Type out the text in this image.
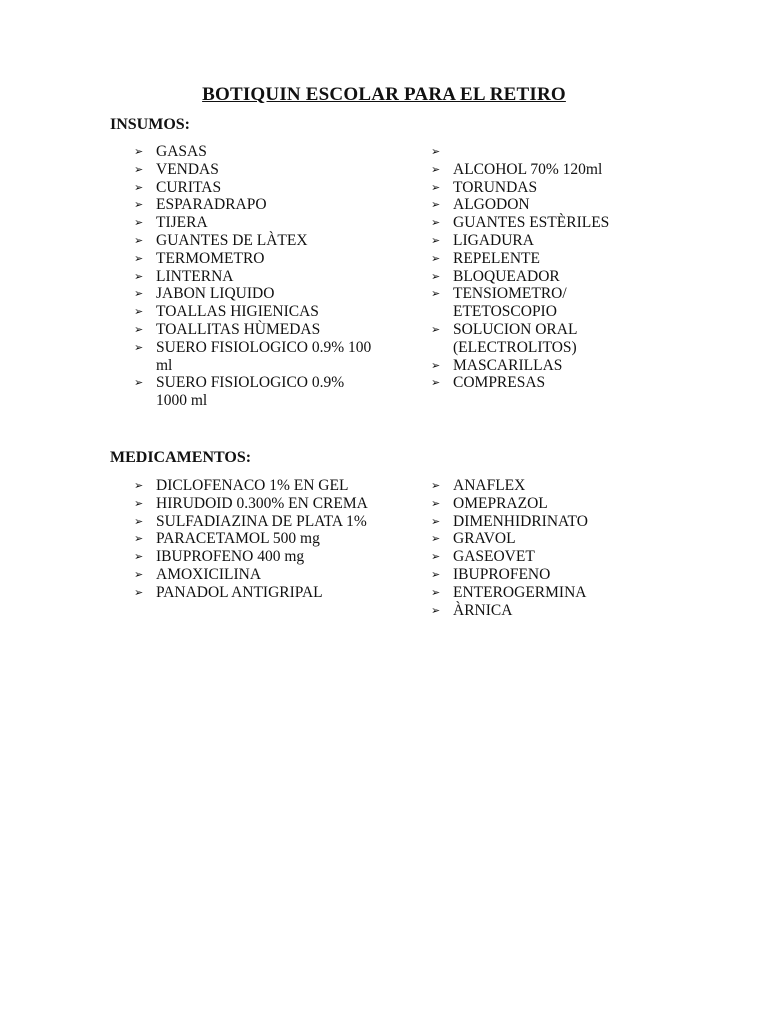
BOTIQUIN ESCOLAR PARA EL RETIRO
INSUMOS:
➢ GASAS
➢ VENDAS
➢ CURITAS
➢ ESPARADRAPO
➢ TIJERA
➢ GUANTES DE LÀTEX
➢ TERMOMETRO
➢ LINTERNA
➢ JABON LIQUIDO
➢ TOALLAS HIGIENICAS
➢ TOALLITAS HÙMEDAS
➢ SUERO FISIOLOGICO 0.9% 100 ml
➢ SUERO FISIOLOGICO 0.9% 1000 ml
➢
➢ ALCOHOL 70% 120ml
➢ TORUNDAS
➢ ALGODON
➢ GUANTES ESTÈRILES
➢ LIGADURA
➢ REPELENTE
➢ BLOQUEADOR
➢ TENSIOMETRO/ ETETOSCOPIO
➢ SOLUCION ORAL (ELECTROLITOS)
➢ MASCARILLAS
➢ COMPRESAS
MEDICAMENTOS:
➢ DICLOFENACO 1% EN GEL
➢ HIRUDOID 0.300% EN CREMA
➢ SULFADIAZINA DE PLATA 1%
➢ PARACETAMOL 500 mg
➢ IBUPROFENO 400 mg
➢ AMOXICILINA
➢ PANADOL ANTIGRIPAL
➢ ANAFLEX
➢ OMEPRAZOL
➢ DIMENHIDRINATO
➢ GRAVOL
➢ GASEOVET
➢ IBUPROFENO
➢ ENTEROGERMINA
➢ ÀRNICA
